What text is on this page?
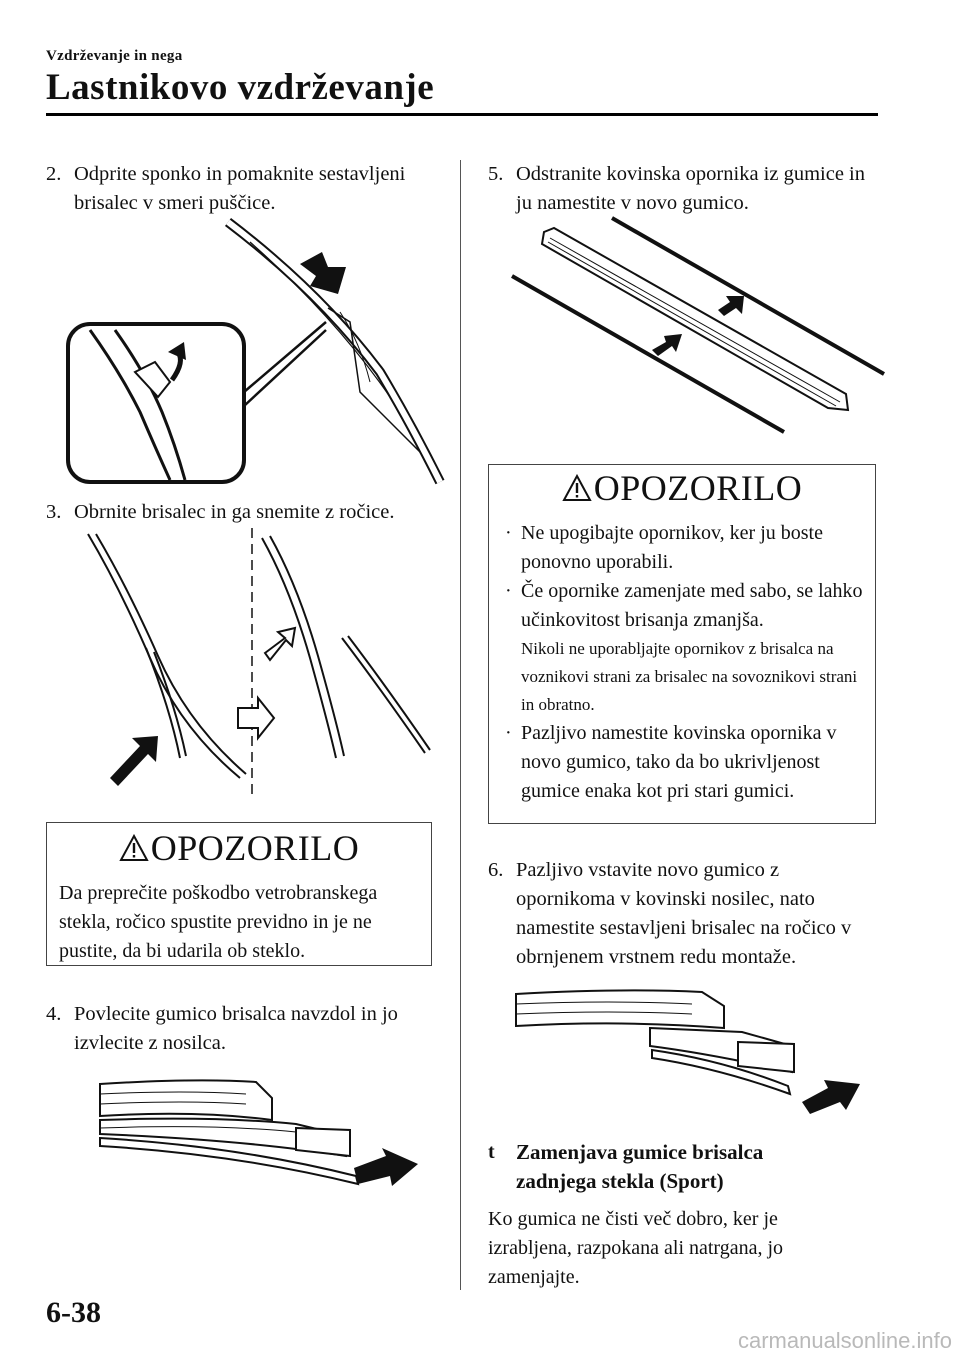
Vzdrževanje in nega
Lastnikovo vzdrževanje
2. Odprite sponko in pomaknite sestavljeni brisalec v smeri puščice.
3. Obrnite brisalec in ga snemite z ročice.
OPOZORILO
Da preprečite poškodbo vetrobranskega stekla, ročico spustite previdno in je ne pustite, da bi udarila ob steklo.
4. Povlecite gumico brisalca navzdol in jo izvlecite z nosilca.
5. Odstranite kovinska opornika iz gumice in ju namestite v novo gumico.
OPOZORILO
· Ne upogibajte opornikov, ker ju boste ponovno uporabili.
· Če opornike zamenjate med sabo, se lahko učinkovitost brisanja zmanjša.
Nikoli ne uporabljajte opornikov z brisalca na voznikovi strani za brisalec na sovoznikovi strani in obratno.
· Pazljivo namestite kovinska opornika v novo gumico, tako da bo ukrivljenost gumice enaka kot pri stari gumici.
6. Pazljivo vstavite novo gumico z opornikoma v kovinski nosilec, nato namestite sestavljeni brisalec na ročico v obrnjenem vrstnem redu montaže.
t Zamenjava gumice brisalca zadnjega stekla (Sport)
Ko gumica ne čisti več dobro, ker je izrabljena, razpokana ali natrgana, jo zamenjajte.
6-38
carmanualsonline.info
